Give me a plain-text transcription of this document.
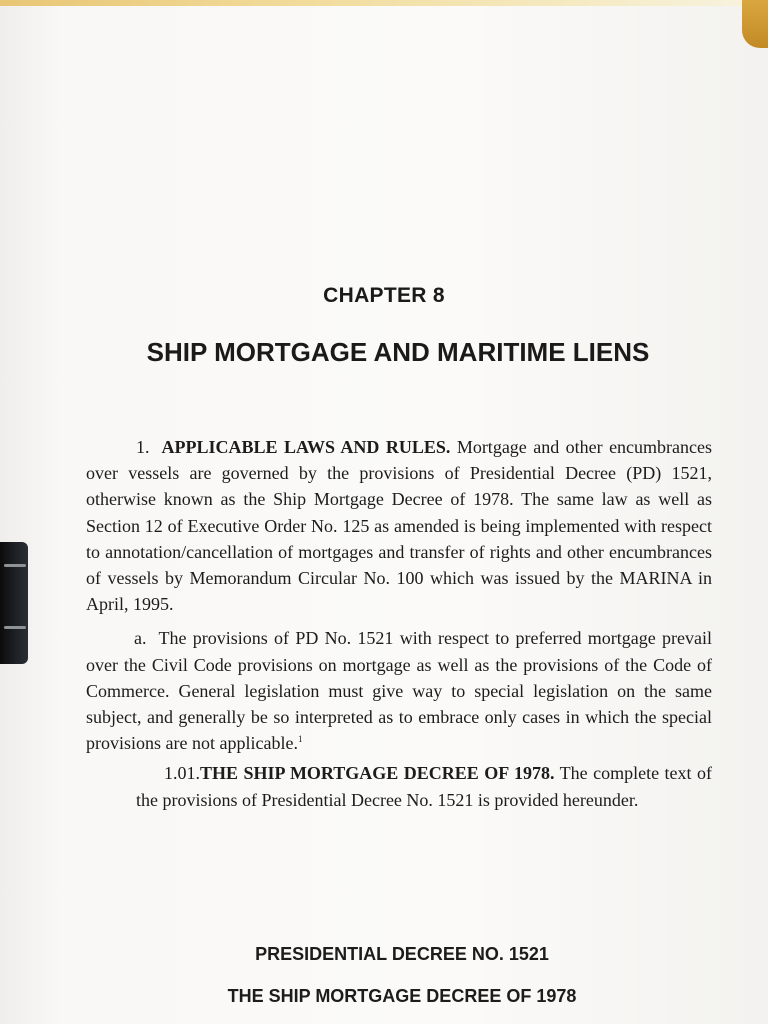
CHAPTER 8
SHIP MORTGAGE AND MARITIME LIENS

1. APPLICABLE LAWS AND RULES. Mortgage and other encumbrances over vessels are governed by the provisions of Presidential Decree (PD) 1521, otherwise known as the Ship Mortgage Decree of 1978. The same law as well as Section 12 of Executive Order No. 125 as amended is being implemented with respect to annotation/cancellation of mortgages and transfer of rights and other encumbrances of vessels by Memorandum Circular No. 100 which was issued by the MARINA in April, 1995.

a. The provisions of PD No. 1521 with respect to preferred mortgage prevail over the Civil Code provisions on mortgage as well as the provisions of the Code of Commerce. General legislation must give way to special legislation on the same subject, and generally be so interpreted as to embrace only cases in which the special provisions are not applicable.$^1$

1.01.THE SHIP MORTGAGE DECREE OF 1978. The complete text of the provisions of Presidential Decree No. 1521 is provided hereunder.

PRESIDENTIAL DECREE NO. 1521
THE SHIP MORTGAGE DECREE OF 1978
